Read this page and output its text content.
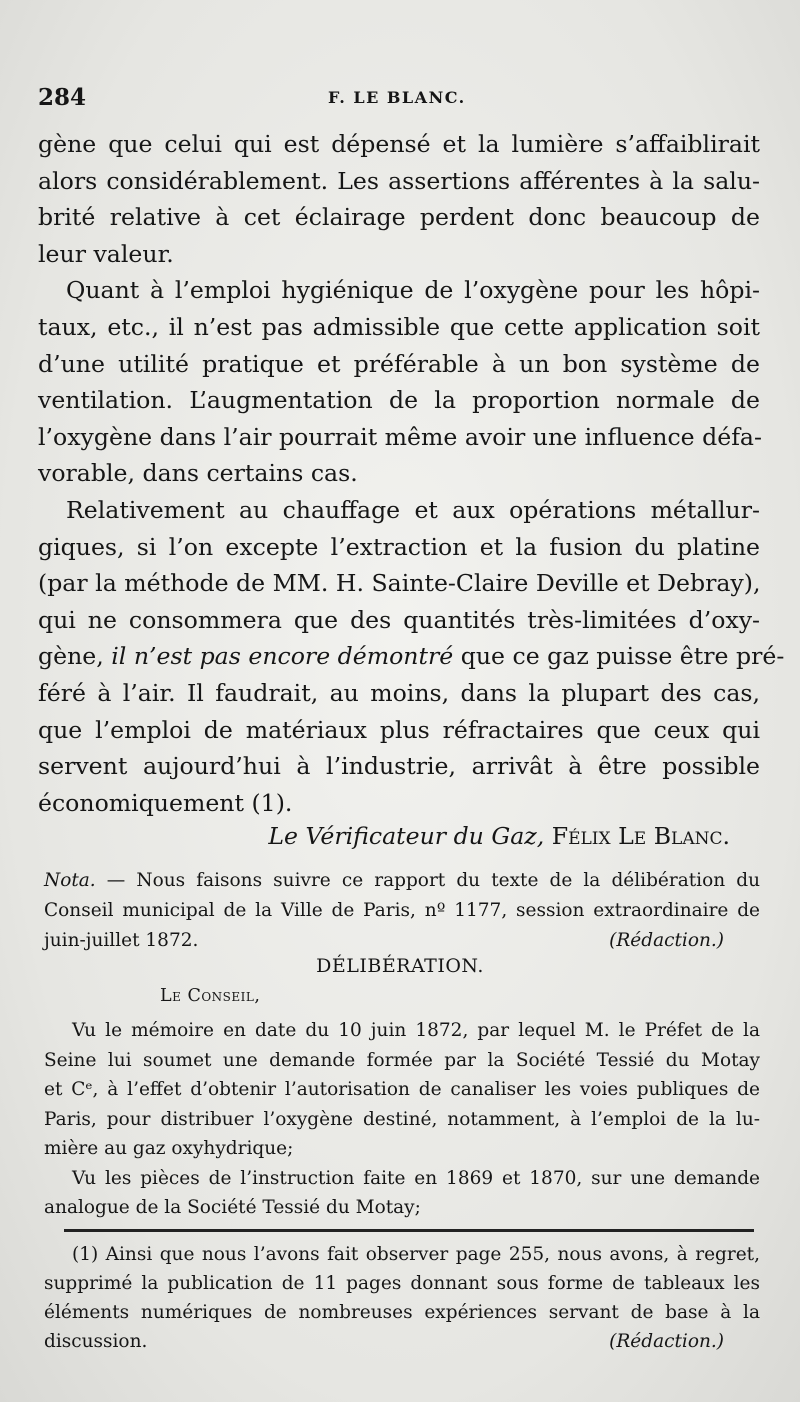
284	F. LE BLANC.
gène que celui qui est dépensé et la lumière s’affaiblirait
alors considérablement. Les assertions afférentes à la salu-
brité relative à cet éclairage perdent donc beaucoup de
leur valeur.
Quant à l’emploi hygiénique de l’oxygène pour les hôpi-
taux, etc., il n’est pas admissible que cette application soit
d’une utilité pratique et préférable à un bon système de
ventilation. L’augmentation de la proportion normale de
l’oxygène dans l’air pourrait même avoir une influence défa-
vorable, dans certains cas.
Relativement au chauffage et aux opérations métallur-
giques, si l’on excepte l’extraction et la fusion du platine
(par la méthode de MM. H. Sainte-Claire Deville et Debray),
qui ne consommera que des quantités très-limitées d’oxy-
gène, il n’est pas encore démontré que ce gaz puisse être pré-
féré à l’air. Il faudrait, au moins, dans la plupart des cas,
que l’emploi de matériaux plus réfractaires que ceux qui
servent aujourd’hui à l’industrie, arrivât à être possible
économiquement (1).
Le Vérificateur du Gaz, Félix Le Blanc.
Nota. — Nous faisons suivre ce rapport du texte de la délibération du
Conseil municipal de la Ville de Paris, nº 1177, session extraordinaire de
juin-juillet 1872.	(Rédaction.)
DÉLIBÉRATION.
Le Conseil,
Vu le mémoire en date du 10 juin 1872, par lequel M. le Préfet de la
Seine lui soumet une demande formée par la Société Tessié du Motay
et Cᵉ, à l’effet d’obtenir l’autorisation de canaliser les voies publiques de
Paris, pour distribuer l’oxygène destiné, notamment, à l’emploi de la lu-
mière au gaz oxyhydrique;
Vu les pièces de l’instruction faite en 1869 et 1870, sur une demande
analogue de la Société Tessié du Motay;
(1) Ainsi que nous l’avons fait observer page 255, nous avons, à regret,
supprimé la publication de 11 pages donnant sous forme de tableaux les
éléments numériques de nombreuses expériences servant de base à la
discussion.	(Rédaction.)
